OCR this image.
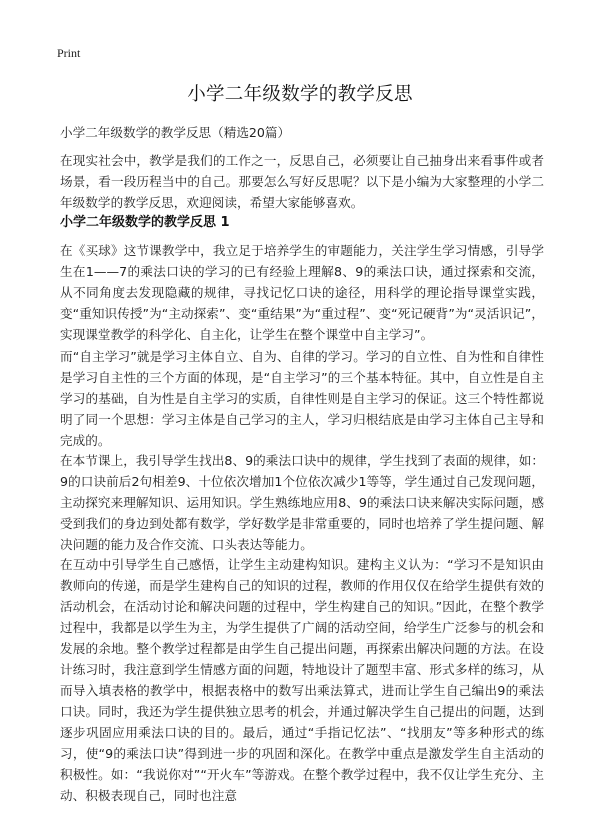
Print
小学二年级数学的教学反思
小学二年级数学的教学反思（精选20篇）

在现实社会中，教学是我们的工作之一，反思自己，必须要让自己抽身出来看事件或者场景，看一段历程当中的自己。那要怎么写好反思呢？以下是小编为大家整理的小学二年级数学的教学反思，欢迎阅读，希望大家能够喜欢。

小学二年级数学的教学反思 1

在《买球》这节课教学中，我立足于培养学生的审题能力，关注学生学习情感，引导学生在1——7的乘法口诀的学习的已有经验上理解8、9的乘法口诀，通过探索和交流，从不同角度去发现隐藏的规律，寻找记忆口诀的途径，用科学的理论指导课堂实践，变“重知识传授”为“主动探索”、变“重结果”为“重过程”、变“死记硬背”为“灵活识记”，实现课堂教学的科学化、自主化，让学生在整个课堂中自主学习”。

而“自主学习”就是学习主体自立、自为、自律的学习。学习的自立性、自为性和自律性是学习自主性的三个方面的体现，是“自主学习”的三个基本特征。其中，自立性是自主学习的基础，自为性是自主学习的实质，自律性则是自主学习的保证。这三个特性都说明了同一个思想：学习主体是自己学习的主人，学习归根结底是由学习主体自己主导和完成的。

在本节课上，我引导学生找出8、9的乘法口诀中的规律，学生找到了表面的规律，如：9的口诀前后2句相差9、十位依次增加1个位依次减少1等等，学生通过自己发现问题，主动探究来理解知识、运用知识。学生熟练地应用8、9的乘法口诀来解决实际问题，感受到我们的身边到处都有数学，学好数学是非常重要的，同时也培养了学生提问题、解决问题的能力及合作交流、口头表达等能力。

在互动中引导学生自己感悟，让学生主动建构知识。建构主义认为：“学习不是知识由教师向的传递，而是学生建构自己的知识的过程，教师的作用仅仅在给学生提供有效的活动机会，在活动讨论和解决问题的过程中，学生构建自己的知识。”因此，在整个教学过程中，我都是以学生为主，为学生提供了广阔的活动空间，给学生广泛参与的机会和发展的余地。整个教学过程都是由学生自己提出问题，再探索出解决问题的方法。在设计练习时，我注意到学生情感方面的问题，特地设计了题型丰富、形式多样的练习，从而导入填表格的教学中，根据表格中的数写出乘法算式，进而让学生自己编出9的乘法口诀。同时，我还为学生提供独立思考的机会，并通过解决学生自己提出的问题，达到逐步巩固应用乘法口诀的目的。最后，通过“手指记忆法”、“找朋友”等多种形式的练习，使“9的乘法口诀”得到进一步的巩固和深化。在教学中重点是激发学生自主活动的积极性。如：“我说你对”“开火车”等游戏。在整个教学过程中，我不仅让学生充分、主动、积极表现自己，同时也注意
